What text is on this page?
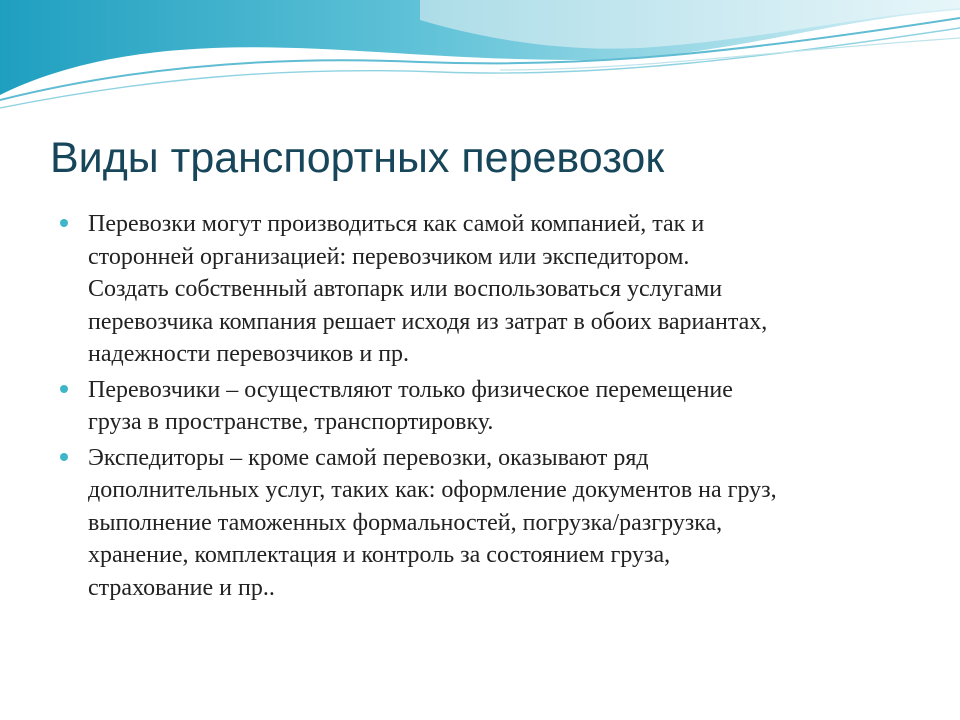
Виды транспортных перевозок
Перевозки могут производиться как самой компанией, так и
сторонней организацией: перевозчиком или экспедитором.
Создать собственный автопарк или воспользоваться услугами
перевозчика компания решает исходя из затрат в обоих вариантах,
надежности перевозчиков и пр.
Перевозчики – осуществляют только физическое перемещение
груза в пространстве, транспортировку.
Экспедиторы – кроме самой перевозки, оказывают ряд
дополнительных услуг, таких как: оформление документов на груз,
выполнение таможенных формальностей, погрузка/разгрузка,
хранение, комплектация и контроль за состоянием груза,
страхование и пр..
